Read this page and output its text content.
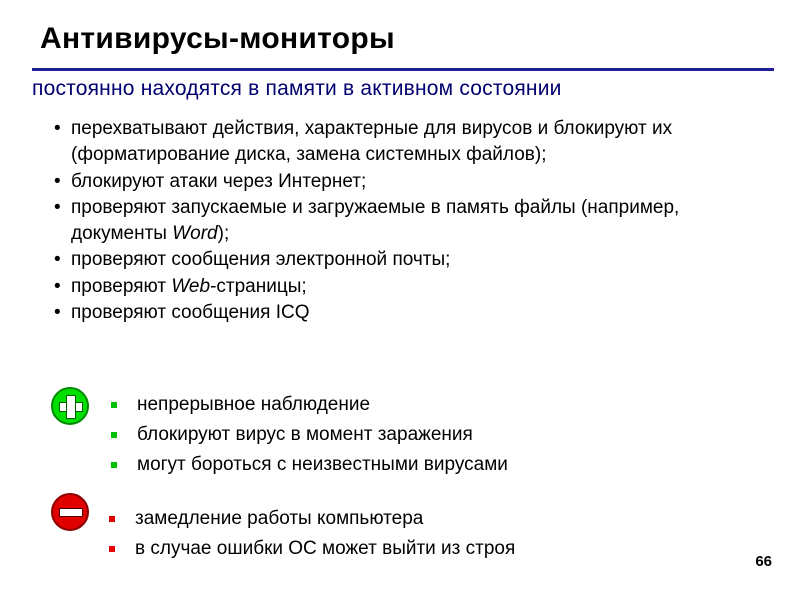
Антивирусы-мониторы
постоянно находятся в памяти в активном состоянии
• перехватывают действия, характерные для вирусов и блокируют их (форматирование диска, замена системных файлов);
• блокируют атаки через Интернет;
• проверяют запускаемые и загружаемые в память файлы (например, документы Word);
• проверяют сообщения электронной почты;
• проверяют Web-страницы;
• проверяют сообщения ICQ
непрерывное наблюдение
блокируют вирус в момент заражения
могут бороться с неизвестными вирусами
замедление работы компьютера
в случае ошибки ОС может выйти из строя
66
